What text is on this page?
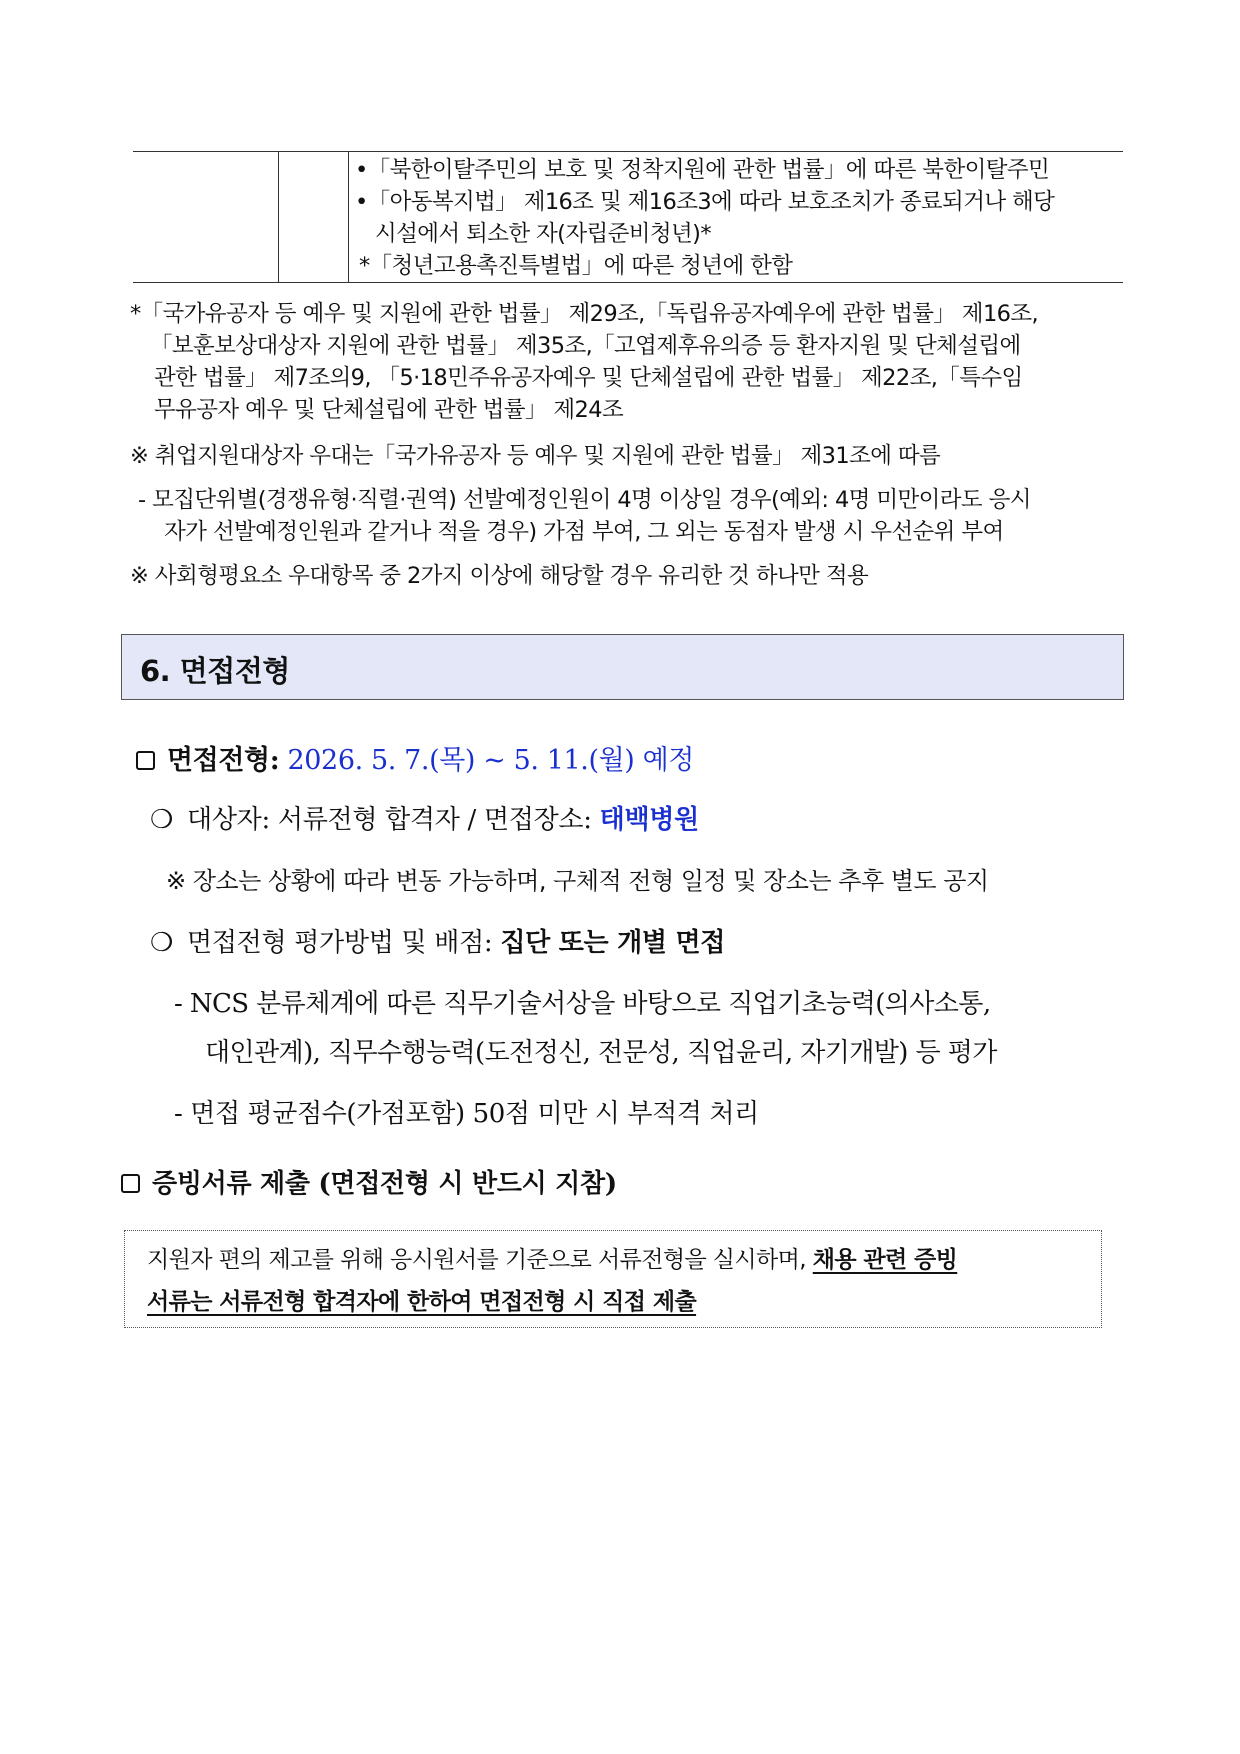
•「북한이탈주민의 보호 및 정착지원에 관한 법률」에 따른 북한이탈주민
•「아동복지법」 제16조 및 제16조3에 따라 보호조치가 종료되거나 해당
시설에서 퇴소한 자(자립준비청년)*
*「청년고용촉진특별법」에 따른 청년에 한함
*「국가유공자 등 예우 및 지원에 관한 법률」 제29조,「독립유공자예우에 관한 법률」 제16조,
「보훈보상대상자 지원에 관한 법률」 제35조,「고엽제후유의증 등 환자지원 및 단체설립에
관한 법률」 제7조의9, 「5·18민주유공자예우 및 단체설립에 관한 법률」 제22조,「특수임
무유공자 예우 및 단체설립에 관한 법률」 제24조
※ 취업지원대상자 우대는「국가유공자 등 예우 및 지원에 관한 법률」 제31조에 따름
- 모집단위별(경쟁유형·직렬·권역) 선발예정인원이 4명 이상일 경우(예외: 4명 미만이라도 응시
자가 선발예정인원과 같거나 적을 경우) 가점 부여, 그 외는 동점자 발생 시 우선순위 부여
※ 사회형평요소 우대항목 중 2가지 이상에 해당할 경우 유리한 것 하나만 적용
6. 면접전형
면접전형: 2026. 5. 7.(목) ~ 5. 11.(월) 예정
❍ 대상자: 서류전형 합격자 / 면접장소: 태백병원
※ 장소는 상황에 따라 변동 가능하며, 구체적 전형 일정 및 장소는 추후 별도 공지
❍ 면접전형 평가방법 및 배점: 집단 또는 개별 면접
- NCS 분류체계에 따른 직무기술서상을 바탕으로 직업기초능력(의사소통,
대인관계), 직무수행능력(도전정신, 전문성, 직업윤리, 자기개발) 등 평가
- 면접 평균점수(가점포함) 50점 미만 시 부적격 처리
증빙서류 제출 (면접전형 시 반드시 지참)
지원자 편의 제고를 위해 응시원서를 기준으로 서류전형을 실시하며, 채용 관련 증빙
서류는 서류전형 합격자에 한하여 면접전형 시 직접 제출
